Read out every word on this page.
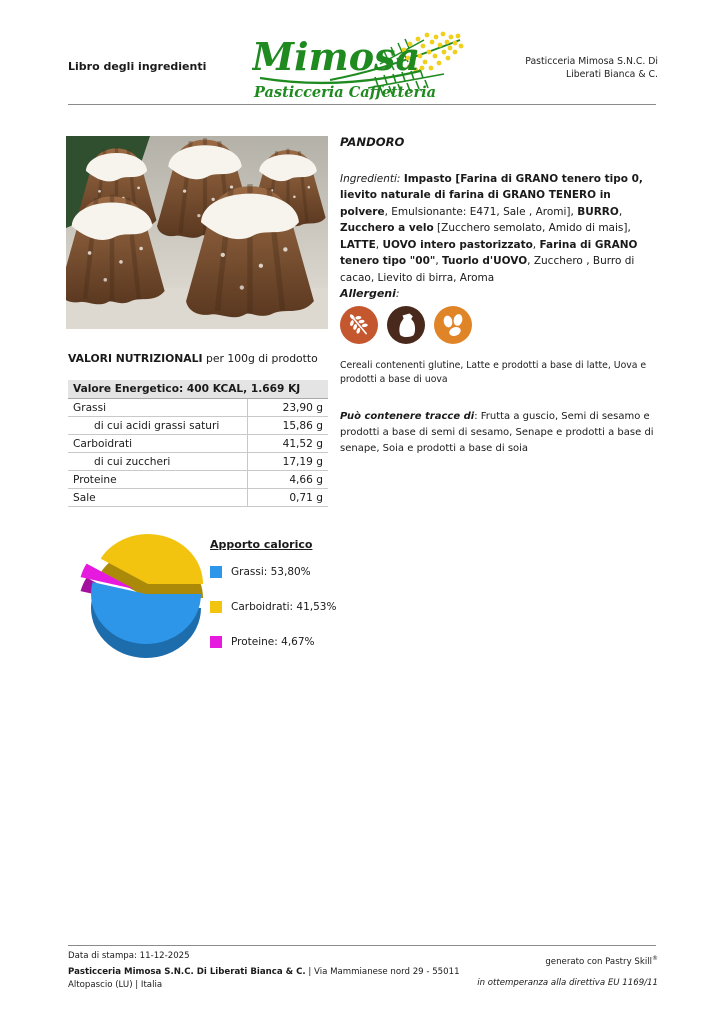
Libro degli ingredienti Mimosa
Pasticceria Caffetteria
Pasticceria Mimosa S.N.C. Di
Liberati Bianca & C.
VALORI NUTRIZIONALI per 100g di prodotto
Valore Energetico: 400 KCAL, 1.669 KJ	
Grassi	23,90 g
di cui acidi grassi saturi	15,86 g
Carboidrati	41,52 g
di cui zuccheri	17,19 g
Proteine	4,66 g
Sale	0,71 g
Apporto calorico
Grassi: 53,80%
Carboidrati: 41,53%
Proteine: 4,67%
PANDORO

Ingredienti: Impasto [Farina di GRANO tenero tipo 0, lievito naturale di farina di GRANO TENERO in polvere, Emulsionante: E471, Sale , Aromi], BURRO, Zucchero a velo [Zucchero semolato, Amido di mais], LATTE, UOVO intero pastorizzato, Farina di GRANO tenero tipo "00", Tuorlo d'UOVO, Zucchero , Burro di cacao, Lievito di birra, Aroma

Allergeni:
Cereali contenenti glutine, Latte e prodotti a base di latte, Uova e prodotti a base di uova

Può contenere tracce di: Frutta a guscio, Semi di sesamo e prodotti a base di semi di sesamo, Senape e prodotti a base di senape, Soia e prodotti a base di soia

Data di stampa: 11-12-2025
Pasticceria Mimosa S.N.C. Di Liberati Bianca & C. | Via Mammianese nord 29 - 55011
Altopascio (LU) | Italia
generato con Pastry Skill®
in ottemperanza alla direttiva EU 1169/11
